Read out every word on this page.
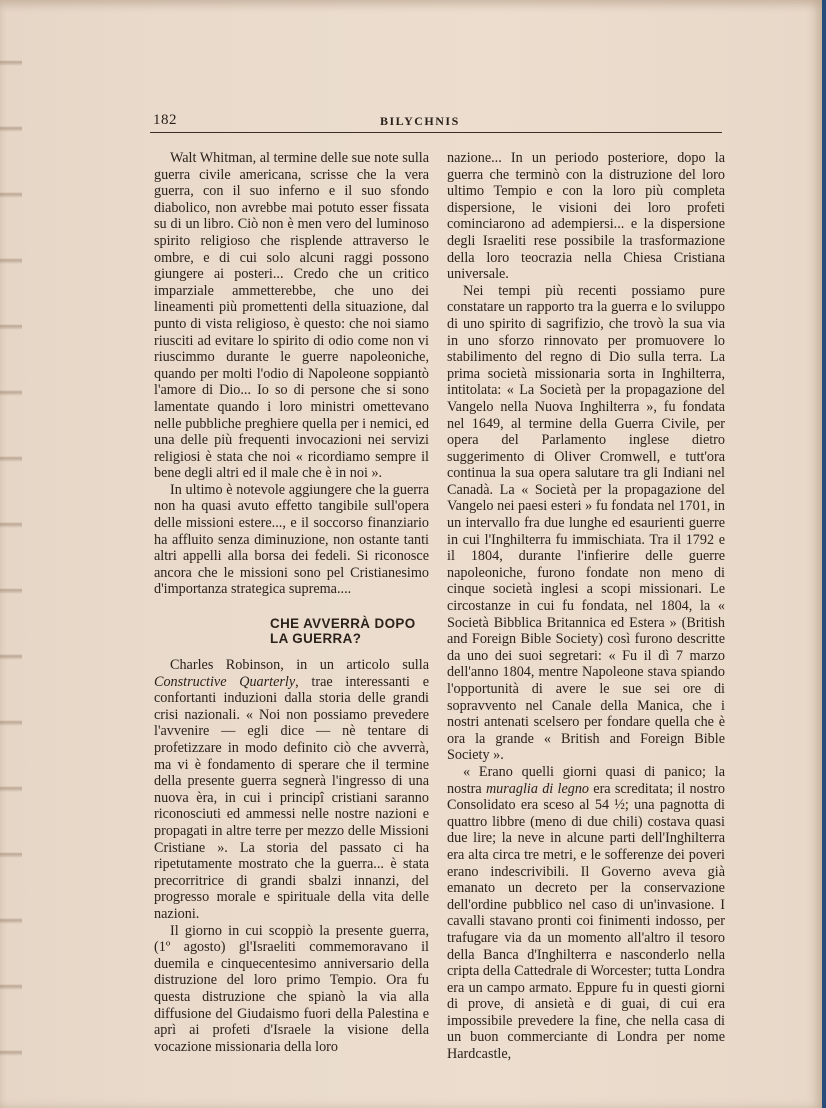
182	BILYCHNIS

Walt Whitman, al termine delle sue note sulla guerra civile americana, scrisse che la vera guerra, con il suo inferno e il suo sfondo diabolico, non avrebbe mai potuto esser fissata su di un libro. Ciò non è men vero del luminoso spirito religioso che risplende attraverso le ombre, e di cui solo alcuni raggi possono giungere ai posteri... Credo che un critico imparziale ammetterebbe, che uno dei lineamenti più promettenti della situazione, dal punto di vista religioso, è questo: che noi siamo riusciti ad evitare lo spirito di odio come non vi riuscimmo durante le guerre napoleoniche, quando per molti l'odio di Napoleone soppiantò l'amore di Dio... Io so di persone che si sono lamentate quando i loro ministri omettevano nelle pubbliche preghiere quella per i nemici, ed una delle più frequenti invocazioni nei servizi religiosi è stata che noi « ricordiamo sempre il bene degli altri ed il male che è in noi ».

In ultimo è notevole aggiungere che la guerra non ha quasi avuto effetto tangibile sull'opera delle missioni estere..., e il soccorso finanziario ha affluito senza diminuzione, non ostante tanti altri appelli alla borsa dei fedeli. Si riconosce ancora che le missioni sono pel Cristianesimo d'importanza strategica suprema....

CHE AVVERRÀ DOPO
LA GUERRA?

Charles Robinson, in un articolo sulla Constructive Quarterly, trae interessanti e confortanti induzioni dalla storia delle grandi crisi nazionali. « Noi non possiamo prevedere l'avvenire — egli dice — nè tentare di profetizzare in modo definito ciò che avverrà, ma vi è fondamento di sperare che il termine della presente guerra segnerà l'ingresso di una nuova èra, in cui i principî cristiani saranno riconosciuti ed ammessi nelle nostre nazioni e propagati in altre terre per mezzo delle Missioni Cristiane ». La storia del passato ci ha ripetutamente mostrato che la guerra... è stata precorritrice di grandi sbalzi innanzi, del progresso morale e spirituale della vita delle nazioni.

Il giorno in cui scoppiò la presente guerra, (1º agosto) gl'Israeliti commemoravano il duemila e cinquecentesimo anniversario della distruzione del loro primo Tempio. Ora fu questa distruzione che spianò la via alla diffusione del Giudaismo fuori della Palestina e aprì ai profeti d'Israele la visione della vocazione missionaria della loro

nazione... In un periodo posteriore, dopo la guerra che terminò con la distruzione del loro ultimo Tempio e con la loro più completa dispersione, le visioni dei loro profeti cominciarono ad adempiersi... e la dispersione degli Israeliti rese possibile la trasformazione della loro teocrazia nella Chiesa Cristiana universale.

Nei tempi più recenti possiamo pure constatare un rapporto tra la guerra e lo sviluppo di uno spirito di sagrifizio, che trovò la sua via in uno sforzo rinnovato per promuovere lo stabilimento del regno di Dio sulla terra. La prima società missionaria sorta in Inghilterra, intitolata: « La Società per la propagazione del Vangelo nella Nuova Inghilterra », fu fondata nel 1649, al termine della Guerra Civile, per opera del Parlamento inglese dietro suggerimento di Oliver Cromwell, e tutt'ora continua la sua opera salutare tra gli Indiani nel Canadà. La « Società per la propagazione del Vangelo nei paesi esteri » fu fondata nel 1701, in un intervallo fra due lunghe ed esaurienti guerre in cui l'Inghilterra fu immischiata. Tra il 1792 e il 1804, durante l'infierire delle guerre napoleoniche, furono fondate non meno di cinque società inglesi a scopi missionari. Le circostanze in cui fu fondata, nel 1804, la « Società Bibblica Britannica ed Estera » (British and Foreign Bible Society) così furono descritte da uno dei suoi segretari: « Fu il dì 7 marzo dell'anno 1804, mentre Napoleone stava spiando l'opportunità di avere le sue sei ore di sopravvento nel Canale della Manica, che i nostri antenati scelsero per fondare quella che è ora la grande « British and Foreign Bible Society ».

« Erano quelli giorni quasi di panico; la nostra muraglia di legno era screditata; il nostro Consolidato era sceso al 54 ½; una pagnotta di quattro libbre (meno di due chili) costava quasi due lire; la neve in alcune parti dell'Inghilterra era alta circa tre metri, e le sofferenze dei poveri erano indescrivibili. Il Governo aveva già emanato un decreto per la conservazione dell'ordine pubblico nel caso di un'invasione. I cavalli stavano pronti coi finimenti indosso, per trafugare via da un momento all'altro il tesoro della Banca d'Inghilterra e nasconderlo nella cripta della Cattedrale di Worcester; tutta Londra era un campo armato. Eppure fu in questi giorni di prove, di ansietà e di guai, di cui era impossibile prevedere la fine, che nella casa di un buon commerciante di Londra per nome Hardcastle,
